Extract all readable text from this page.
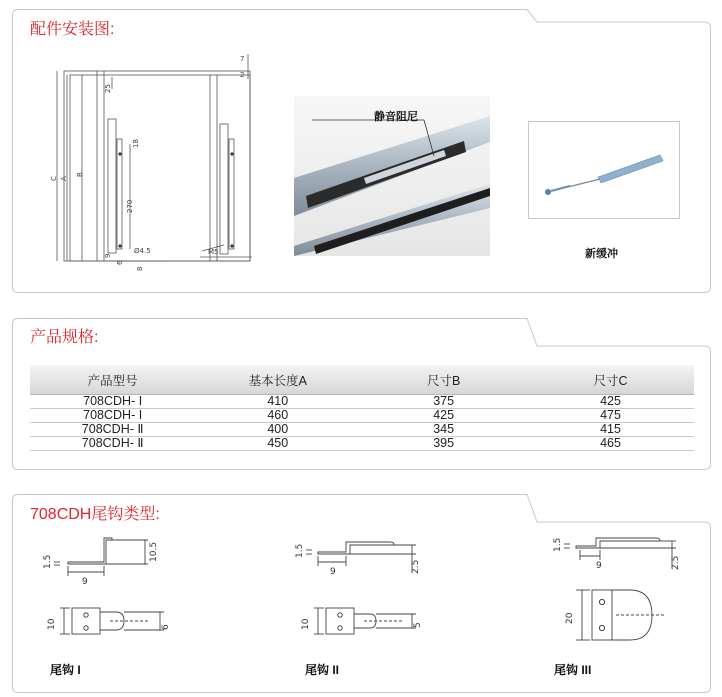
配件安装图:
C A
B
270
18
Ø4.5	M5
9
25
8
6
7
2
静音阻尼
新缓冲
产品规格:
产品型号	基本长度A	尺寸B	尺寸C
708CDH- I	410	375	425
708CDH- I	460	425	475
708CDH- Ⅱ	400	345	415
708CDH- Ⅱ	450	395	465
708CDH尾钩类型:
1.5
9
10.5
10	6
尾钩 I
1.5
9	2.5
10	5
尾钩 II
1.5
9	2.5
20
尾钩 III
